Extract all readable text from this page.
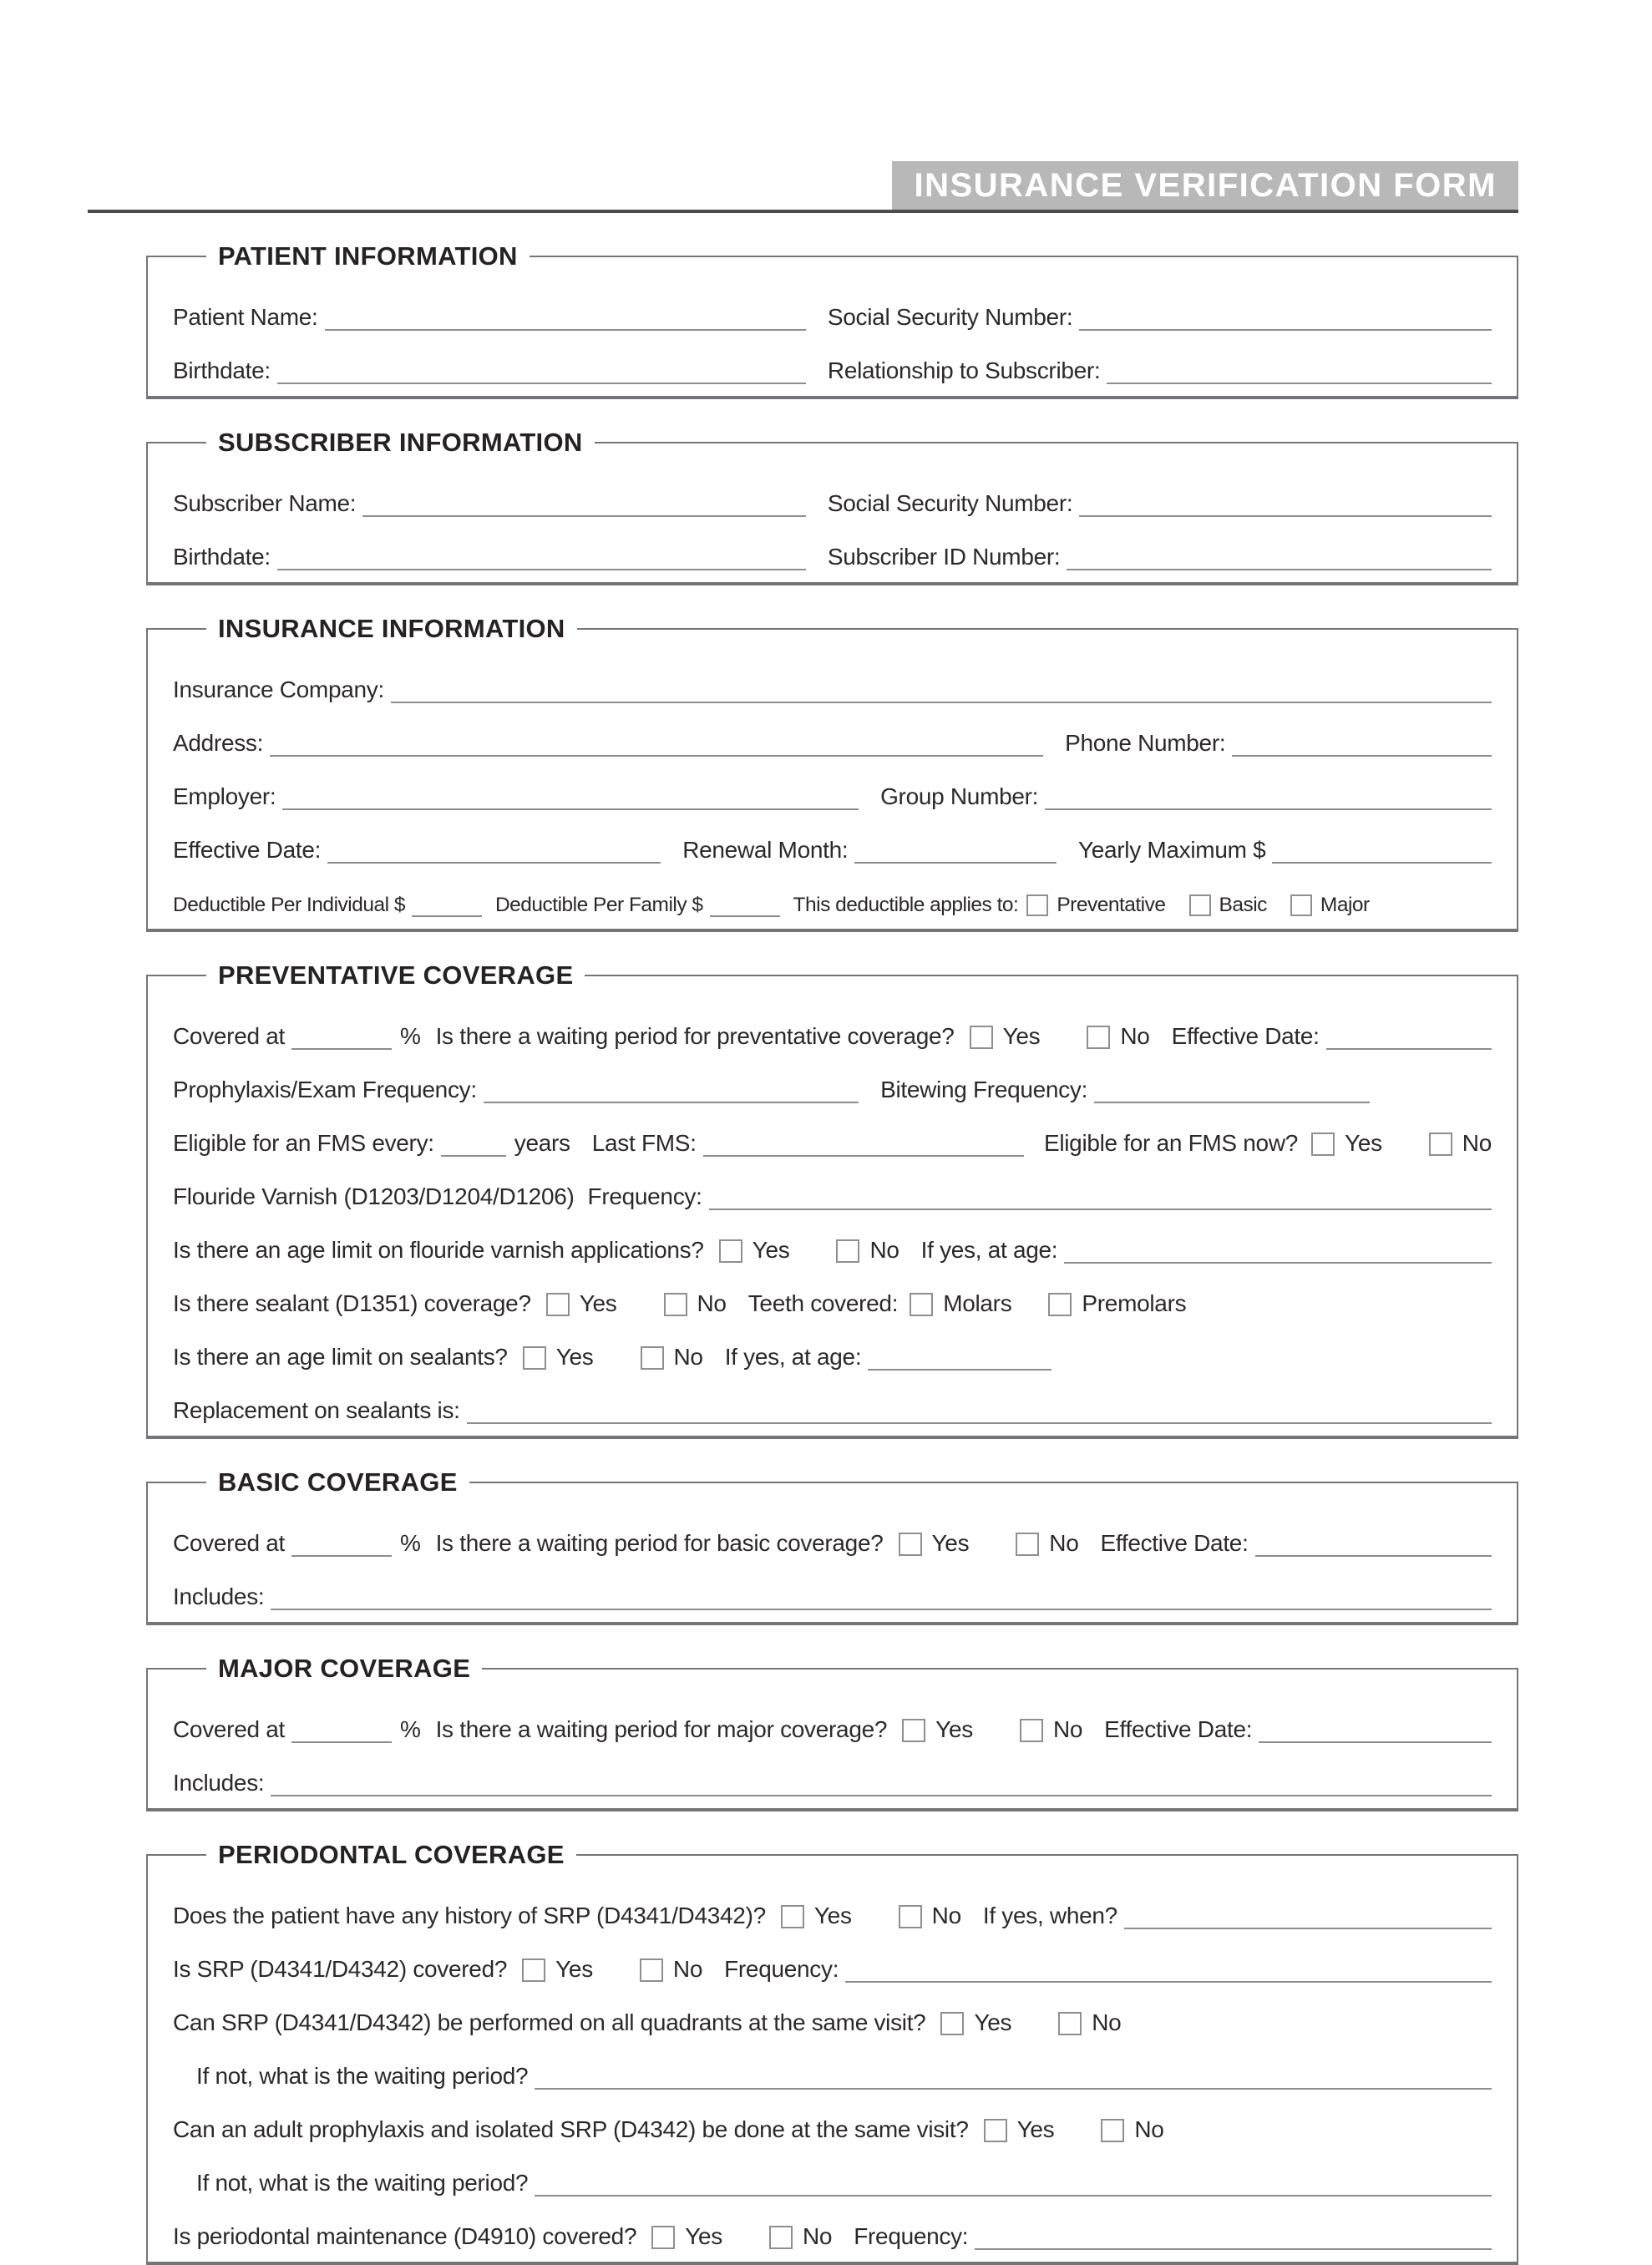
INSURANCE VERIFICATION FORM
PATIENT INFORMATION
Patient Name:	Social Security Number:
Birthdate:	Relationship to Subscriber:
SUBSCRIBER INFORMATION
Subscriber Name:	Social Security Number:
Birthdate:	Subscriber ID Number:
INSURANCE INFORMATION
Insurance Company:
Address:	Phone Number:
Employer:	Group Number:
Effective Date:	Renewal Month:	Yearly Maximum $
Deductible Per Individual $	Deductible Per Family $	This deductible applies to: Preventative	Basic	Major
PREVENTATIVE COVERAGE
Covered at	% Is there a waiting period for preventative coverage? Yes	No Effective Date:
Prophylaxis/Exam Frequency:	Bitewing Frequency:
Eligible for an FMS every:	years Last FMS:	Eligible for an FMS now? Yes	No
Flouride Varnish (D1203/D1204/D1206) Frequency:
Is there an age limit on flouride varnish applications? Yes	No If yes, at age:
Is there sealant (D1351) coverage? Yes	No Teeth covered: Molars	Premolars
Is there an age limit on sealants? Yes	No If yes, at age:
Replacement on sealants is:
BASIC COVERAGE
Covered at	% Is there a waiting period for basic coverage? Yes	No Effective Date:
Includes:
MAJOR COVERAGE
Covered at	% Is there a waiting period for major coverage? Yes	No Effective Date:
Includes:
PERIODONTAL COVERAGE
Does the patient have any history of SRP (D4341/D4342)? Yes	No If yes, when?
Is SRP (D4341/D4342) covered? Yes	No Frequency:
Can SRP (D4341/D4342) be performed on all quadrants at the same visit? Yes	No
If not, what is the waiting period?
Can an adult prophylaxis and isolated SRP (D4342) be done at the same visit? Yes	No
If not, what is the waiting period?
Is periodontal maintenance (D4910) covered? Yes	No Frequency:
